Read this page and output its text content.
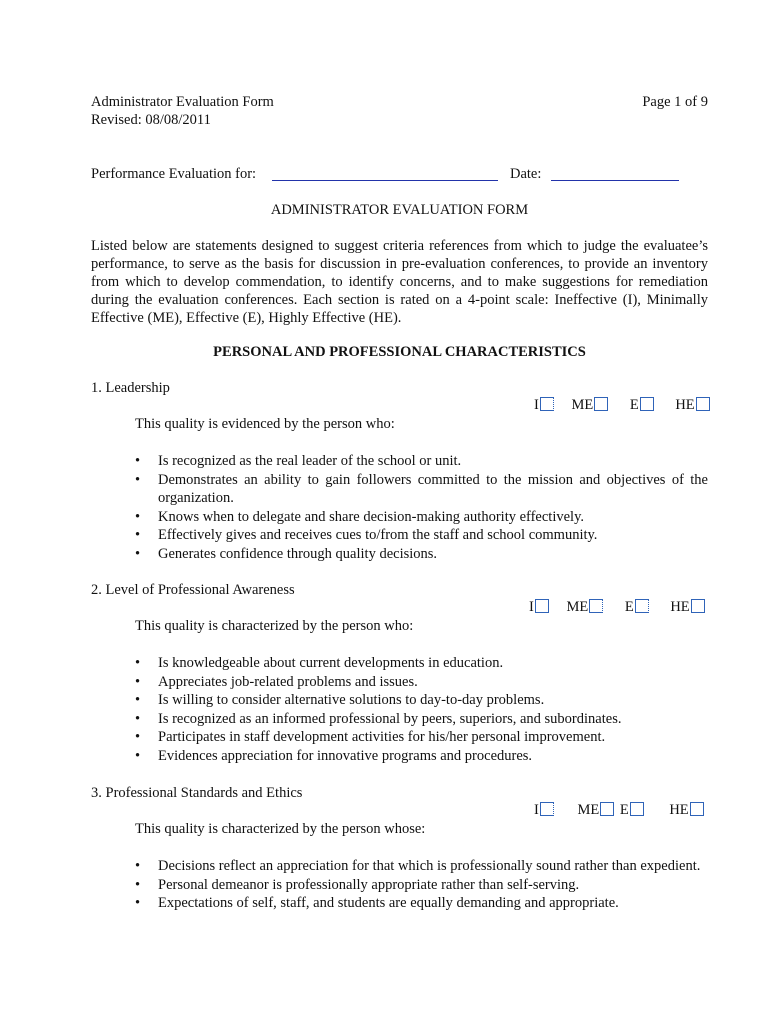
Administrator Evaluation Form
Revised: 08/08/2011
Page 1 of 9
Performance Evaluation for:	Date:
ADMINISTRATOR EVALUATION FORM
Listed below are statements designed to suggest criteria references from which to judge the evaluatee’s performance, to serve as the basis for discussion in pre-evaluation conferences, to provide an inventory from which to develop commendation, to identify concerns, and to make suggestions for remediation during the evaluation conferences. Each section is rated on a 4-point scale: Ineffective (I), Minimally Effective (ME), Effective (E), Highly Effective (HE).
PERSONAL AND PROFESSIONAL CHARACTERISTICS
1. Leadership
I ME	E	HE
This quality is evidenced by the person who:
• Is recognized as the real leader of the school or unit.
• Demonstrates an ability to gain followers committed to the mission and objectives of the organization.
• Knows when to delegate and share decision-making authority effectively.
• Effectively gives and receives cues to/from the staff and school community.
• Generates confidence through quality decisions.
2. Level of Professional Awareness
I ME	E	HE
This quality is characterized by the person who:
• Is knowledgeable about current developments in education.
• Appreciates job-related problems and issues.
• Is willing to consider alternative solutions to day-to-day problems.
• Is recognized as an informed professional by peers, superiors, and subordinates.
• Participates in staff development activities for his/her personal improvement.
• Evidences appreciation for innovative programs and procedures.
3. Professional Standards and Ethics
I	ME E	HE
This quality is characterized by the person whose:
• Decisions reflect an appreciation for that which is professionally sound rather than expedient.
• Personal demeanor is professionally appropriate rather than self-serving.
• Expectations of self, staff, and students are equally demanding and appropriate.
